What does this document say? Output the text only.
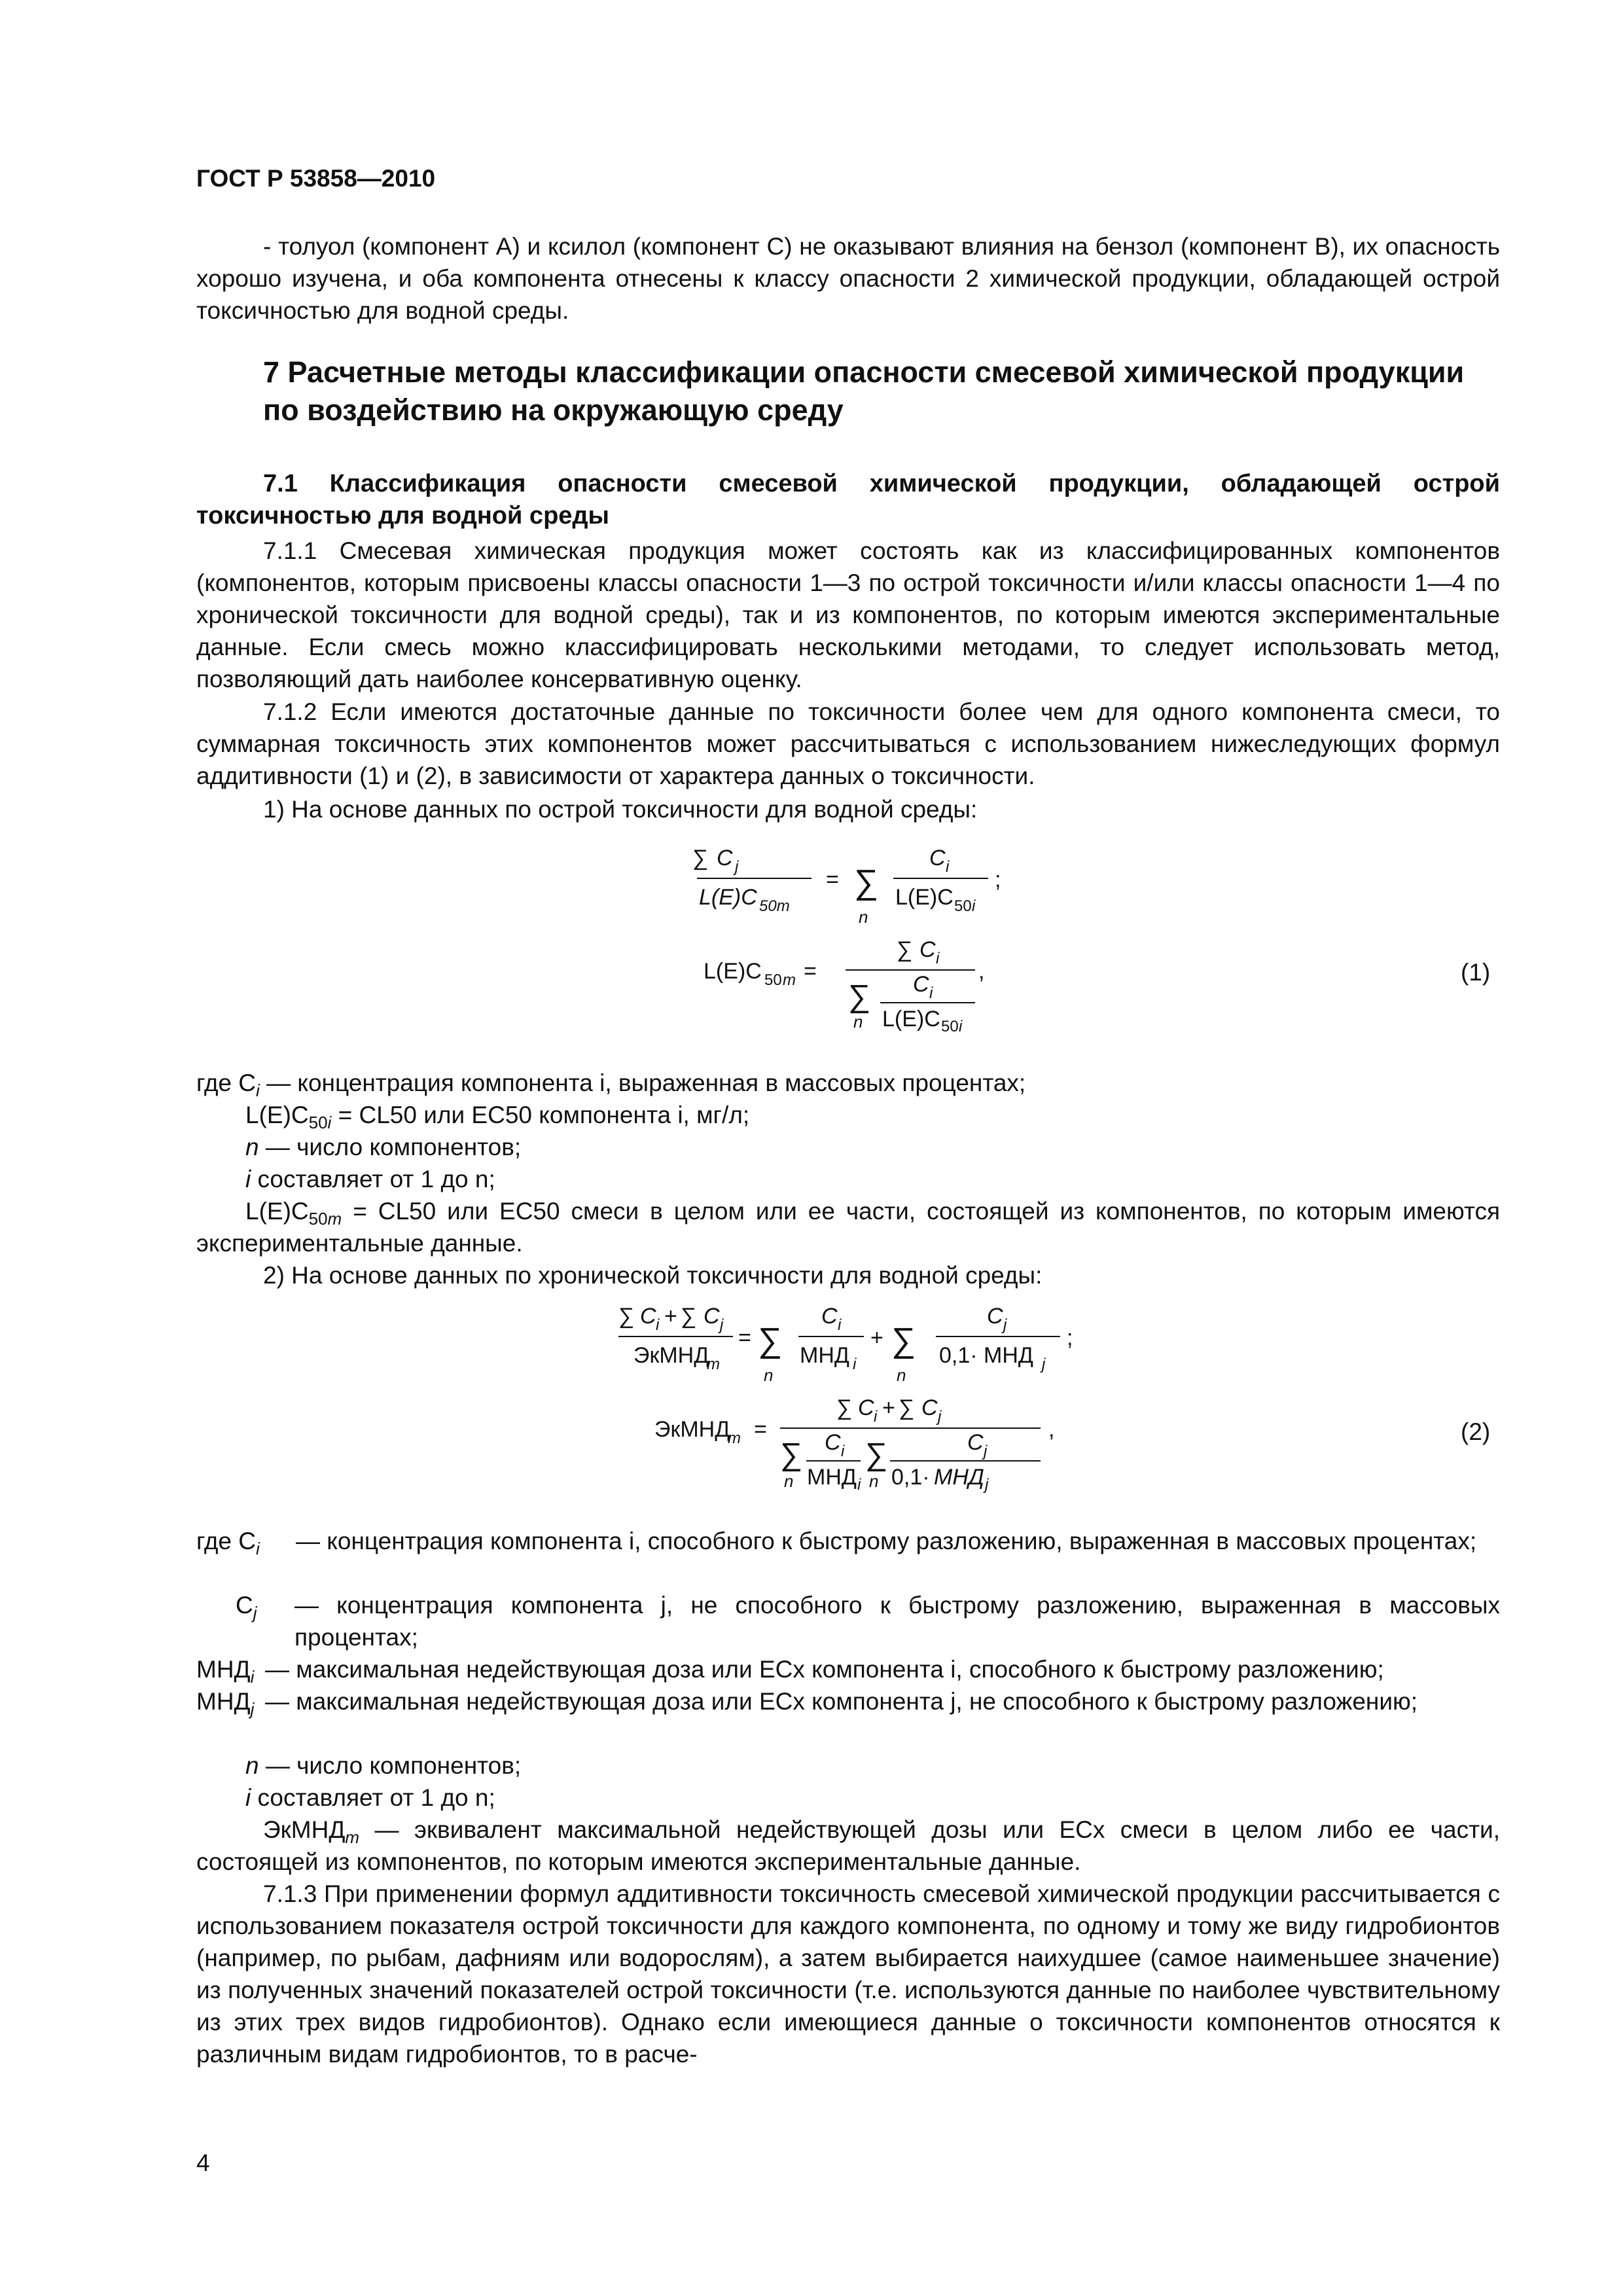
ГОСТ Р 53858—2010
- толуол (компонент А) и ксилол (компонент С) не оказывают влияния на бензол (компонент В), их опасность хорошо изучена, и оба компонента отнесены к классу опасности 2 химической продукции, обладающей острой токсичностью для водной среды.
7 Расчетные методы классификации опасности смесевой химической продукции по воздействию на окружающую среду
7.1 Классификация опасности смесевой химической продукции, обладающей острой токсичностью для водной среды
7.1.1 Смесевая химическая продукция может состоять как из классифицированных компонентов (компонентов, которым присвоены классы опасности 1—3 по острой токсичности и/или классы опасности 1—4 по хронической токсичности для водной среды), так и из компонентов, по которым имеются экспериментальные данные. Если смесь можно классифицировать несколькими методами, то следует использовать метод, позволяющий дать наиболее консервативную оценку.
7.1.2 Если имеются достаточные данные по токсичности более чем для одного компонента смеси, то суммарная токсичность этих компонентов может рассчитываться с использованием нижеследующих формул аддитивности (1) и (2), в зависимости от характера данных о токсичности.
1) На основе данных по острой токсичности для водной среды:
∑ C j
L(E)C 50m
= ∑
n
C i
L(E)C 50 i
;
L(E)C 50 m =
∑ C i
∑
n
C i
L(E)C 50 i
,	(1)
где $C_i$ — концентрация компонента i, выраженная в массовых процентах;
$L(E)C_{50i} = CL50$ или EC50 компонента i, мг/л;
n — число компонентов;
i составляет от 1 до n;
$L(E)C_{50m} = CL50$ или EC50 смеси в целом или ее части, состоящей из компонентов, по которым имеются экспериментальные данные.
2) На основе данных по хронической токсичности для водной среды:
∑ C i + ∑ C j
ЭкМНД
m
= ∑
n
C i
МНД i
+ ∑
n
C j
0,1· МНД j
;
ЭкМНД
m =
∑ C i + ∑ C j
∑
n
C i
МНД i
∑
n
C j
0,1· МНД j
,	(2)
где $C_i$ — концентрация компонента i, способного к быстрому разложению, выраженная в массовых процентах;
$C_j$ — концентрация компонента j, не способного к быстрому разложению, выраженная в массовых процентах;
$МНД_i$ — максимальная недействующая доза или ECx компонента i, способного к быстрому разложению;
$МНД_j$ — максимальная недействующая доза или ECx компонента j, не способного к быстрому разложению;
n — число компонентов;
i составляет от 1 до n;
ЭкМНД$_m$ — эквивалент максимальной недействующей дозы или ECx смеси в целом либо ее части, состоящей из компонентов, по которым имеются экспериментальные данные.
7.1.3 При применении формул аддитивности токсичность смесевой химической продукции рассчитывается с использованием показателя острой токсичности для каждого компонента, по одному и тому же виду гидробионтов (например, по рыбам, дафниям или водорослям), а затем выбирается наихудшее (самое наименьшее значение) из полученных значений показателей острой токсичности (т.е. используются данные по наиболее чувствительному из этих трех видов гидробионтов). Однако если имеющиеся данные о токсичности компонентов относятся к различным видам гидробионтов, то в расче-
4
